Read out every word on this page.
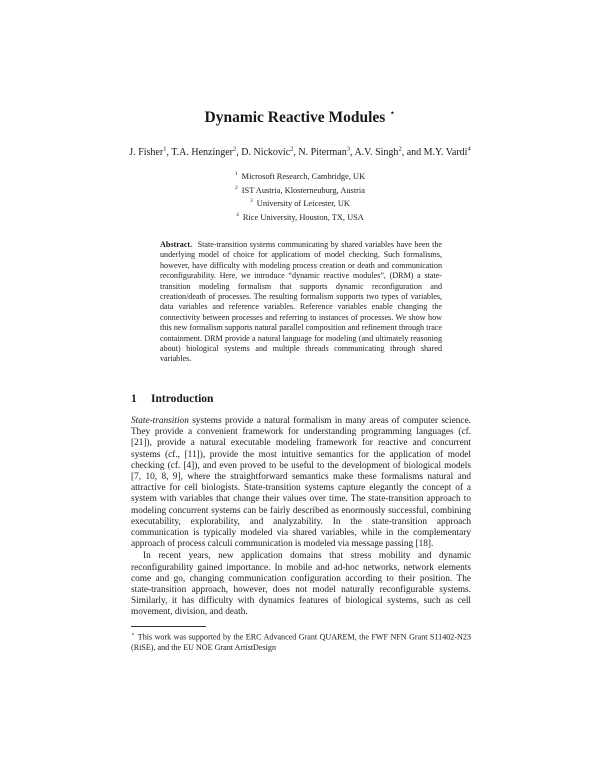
Dynamic Reactive Modules ⋆
J. Fisher$^1$, T.A. Henzinger$^2$, D. Nickovic$^2$, N. Piterman$^3$, A.V. Singh$^2$, and M.Y. Vardi$^4$
$^1$ Microsoft Research, Cambridge, UK
$^2$ IST Austria, Klosterneuburg, Austria
$^3$ University of Leicester, UK
$^4$ Rice University, Houston, TX, USA
Abstract. State-transition systems communicating by shared variables have been the underlying model of choice for applications of model checking. Such formalisms, however, have difficulty with modeling process creation or death and communication reconfigurability. Here, we introduce “dynamic reactive modules”, (DRM) a state-transition modeling formalism that supports dynamic reconfiguration and creation/death of processes. The resulting formalism supports two types of variables, data variables and reference variables. Reference variables enable changing the connectivity between processes and referring to instances of processes. We show how this new formalism supports natural parallel composition and refinement through trace containment. DRM provide a natural language for modeling (and ultimately reasoning about) biological systems and multiple threads communicating through shared variables.
1 Introduction

State-transition systems provide a natural formalism in many areas of computer science. They provide a convenient framework for understanding programming languages (cf. [21]), provide a natural executable modeling framework for reactive and concurrent systems (cf., [11]), provide the most intuitive semantics for the application of model checking (cf. [4]), and even proved to be useful to the development of biological models [7, 10, 8, 9], where the straightforward semantics make these formalisms natural and attractive for cell biologists. State-transition systems capture elegantly the concept of a system with variables that change their values over time. The state-transition approach to modeling concurrent systems can be fairly described as enormously successful, combining executability, explorability, and analyzability. In the state-transition approach communication is typically modeled via shared variables, while in the complementary approach of process calculi communication is modeled via message passing [18].

In recent years, new application domains that stress mobility and dynamic reconfigurability gained importance. In mobile and ad-hoc networks, network elements come and go, changing communication configuration according to their position. The state-transition approach, however, does not model naturally reconfigurable systems. Similarly, it has difficulty with dynamics features of biological systems, such as cell movement, division, and death.

⋆ This work was supported by the ERC Advanced Grant QUAREM, the FWF NFN Grant S11402-N23 (RiSE), and the EU NOE Grant ArtistDesign
